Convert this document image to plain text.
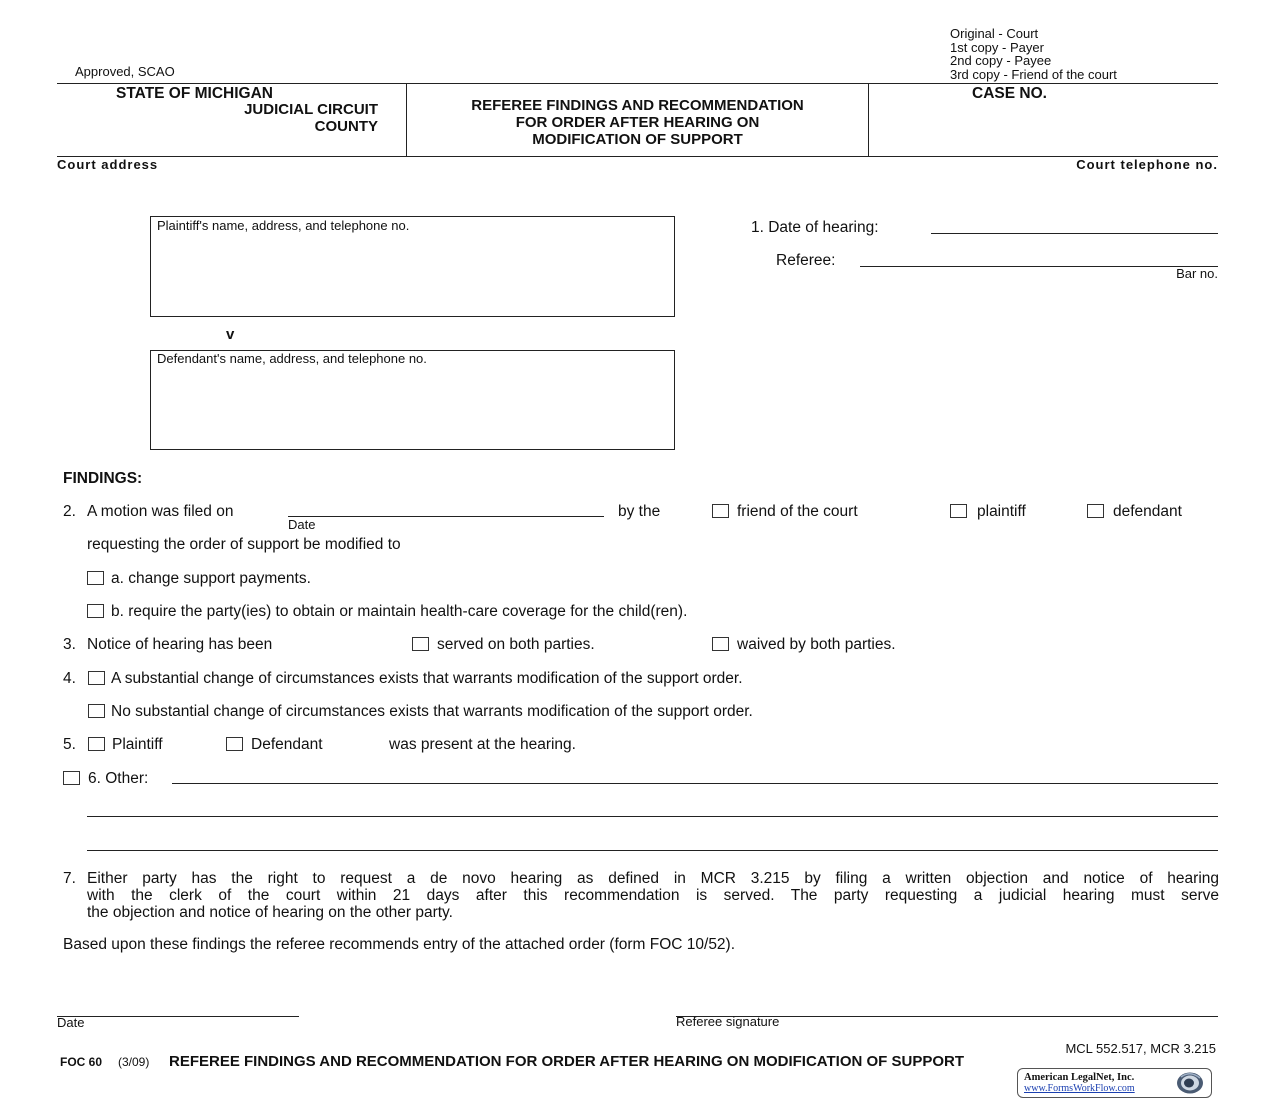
Approved, SCAO
Original - Court
1st copy - Payer
2nd copy - Payee
3rd copy - Friend of the court
STATE OF MICHIGAN
JUDICIAL CIRCUIT
COUNTY
REFEREE FINDINGS AND RECOMMENDATION
FOR ORDER AFTER HEARING ON
MODIFICATION OF SUPPORT
CASE NO.
Court address	Court telephone no.
Plaintiff's name, address, and telephone no.
v
Defendant's name, address, and telephone no.
1. Date of hearing:
Referee:
Bar no.
FINDINGS:
2. A motion was filed on
Date
by the	friend of the court	plaintiff	defendant
requesting the order of support be modified to
a. change support payments.
b. require the party(ies) to obtain or maintain health-care coverage for the child(ren).
3. Notice of hearing has been	served on both parties.	waived by both parties.
4. A substantial change of circumstances exists that warrants modification of the support order.
No substantial change of circumstances exists that warrants modification of the support order.
5. Plaintiff	Defendant	was present at the hearing.
6. Other:
7. Either party has the right to request a de novo hearing as defined in MCR 3.215 by filing a written objection and notice of hearing
with the clerk of the court within 21 days after this recommendation is served. The party requesting a judicial hearing must serve
the objection and notice of hearing on the other party.
Based upon these findings the referee recommends entry of the attached order (form FOC 10/52).
Date	Referee signature
MCL 552.517, MCR 3.215
FOC 60 (3/09) REFEREE FINDINGS AND RECOMMENDATION FOR ORDER AFTER HEARING ON MODIFICATION OF SUPPORT
American LegalNet, Inc.
www.FormsWorkFlow.com
